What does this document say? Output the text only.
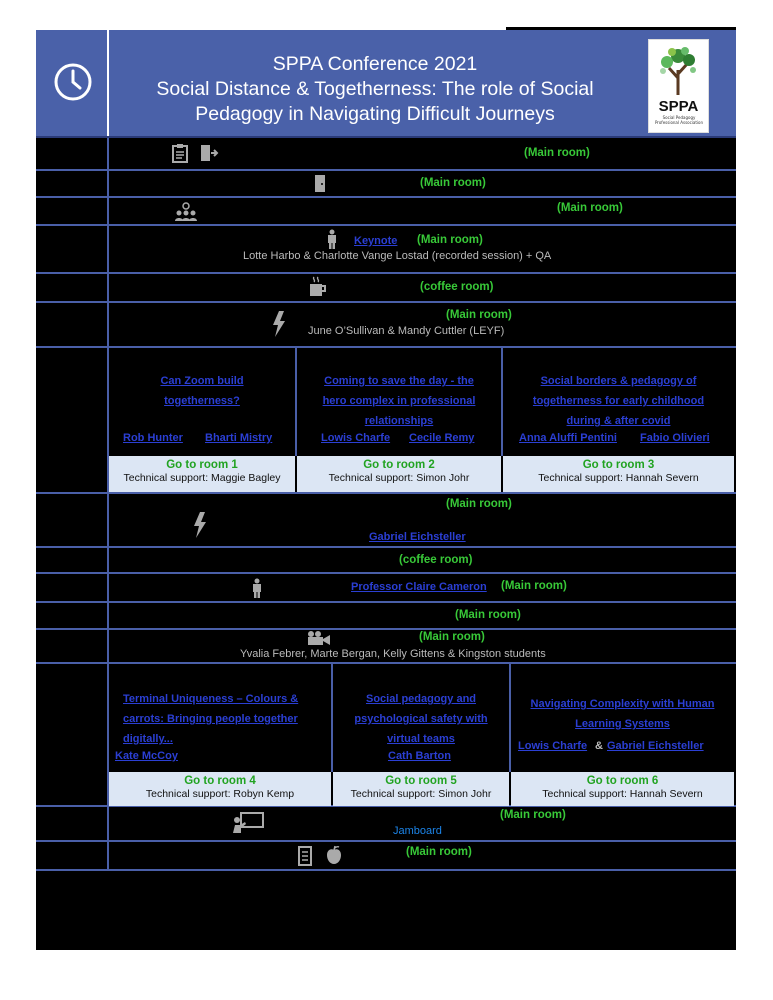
SPPA Conference 2021
Social Distance & Togetherness: The role of Social
Pedagogy in Navigating Difficult Journeys	SPPA
Social Pedagogy Professional Association
(Main room)
(Main room)
(Main room)
Keynote (Main room)
Lotte Harbo & Charlotte Vange Lostad (recorded session) + QA
(coffee room)
(Main room)
June O’Sullivan & Mandy Cuttler (LEYF)
Can Zoom build togetherness?
Rob Hunter Bharti Mistry
Go to room 1
Technical support: Maggie Bagley
Coming to save the day - the hero complex in professional relationships
Lowis Charfe Cecile Remy
Go to room 2
Technical support: Simon Johr
Social borders & pedagogy of togetherness for early childhood during & after covid
Anna Aluffi Pentini Fabio Olivieri
Go to room 3
Technical support: Hannah Severn
(Main room)
Gabriel Eichsteller
(coffee room)
Professor Claire Cameron (Main room)
(Main room)
(Main room)
Yvalia Febrer, Marte Bergan, Kelly Gittens & Kingston students
Terminal Uniqueness – Colours & carrots: Bringing people together digitally...
Kate McCoy
Go to room 4
Technical support: Robyn Kemp
Social pedagogy and psychological safety with virtual teams
Cath Barton
Go to room 5
Technical support: Simon Johr
Navigating Complexity with Human Learning Systems
Lowis Charfe & Gabriel Eichsteller
Go to room 6
Technical support: Hannah Severn
(Main room)
Jamboard
(Main room)
